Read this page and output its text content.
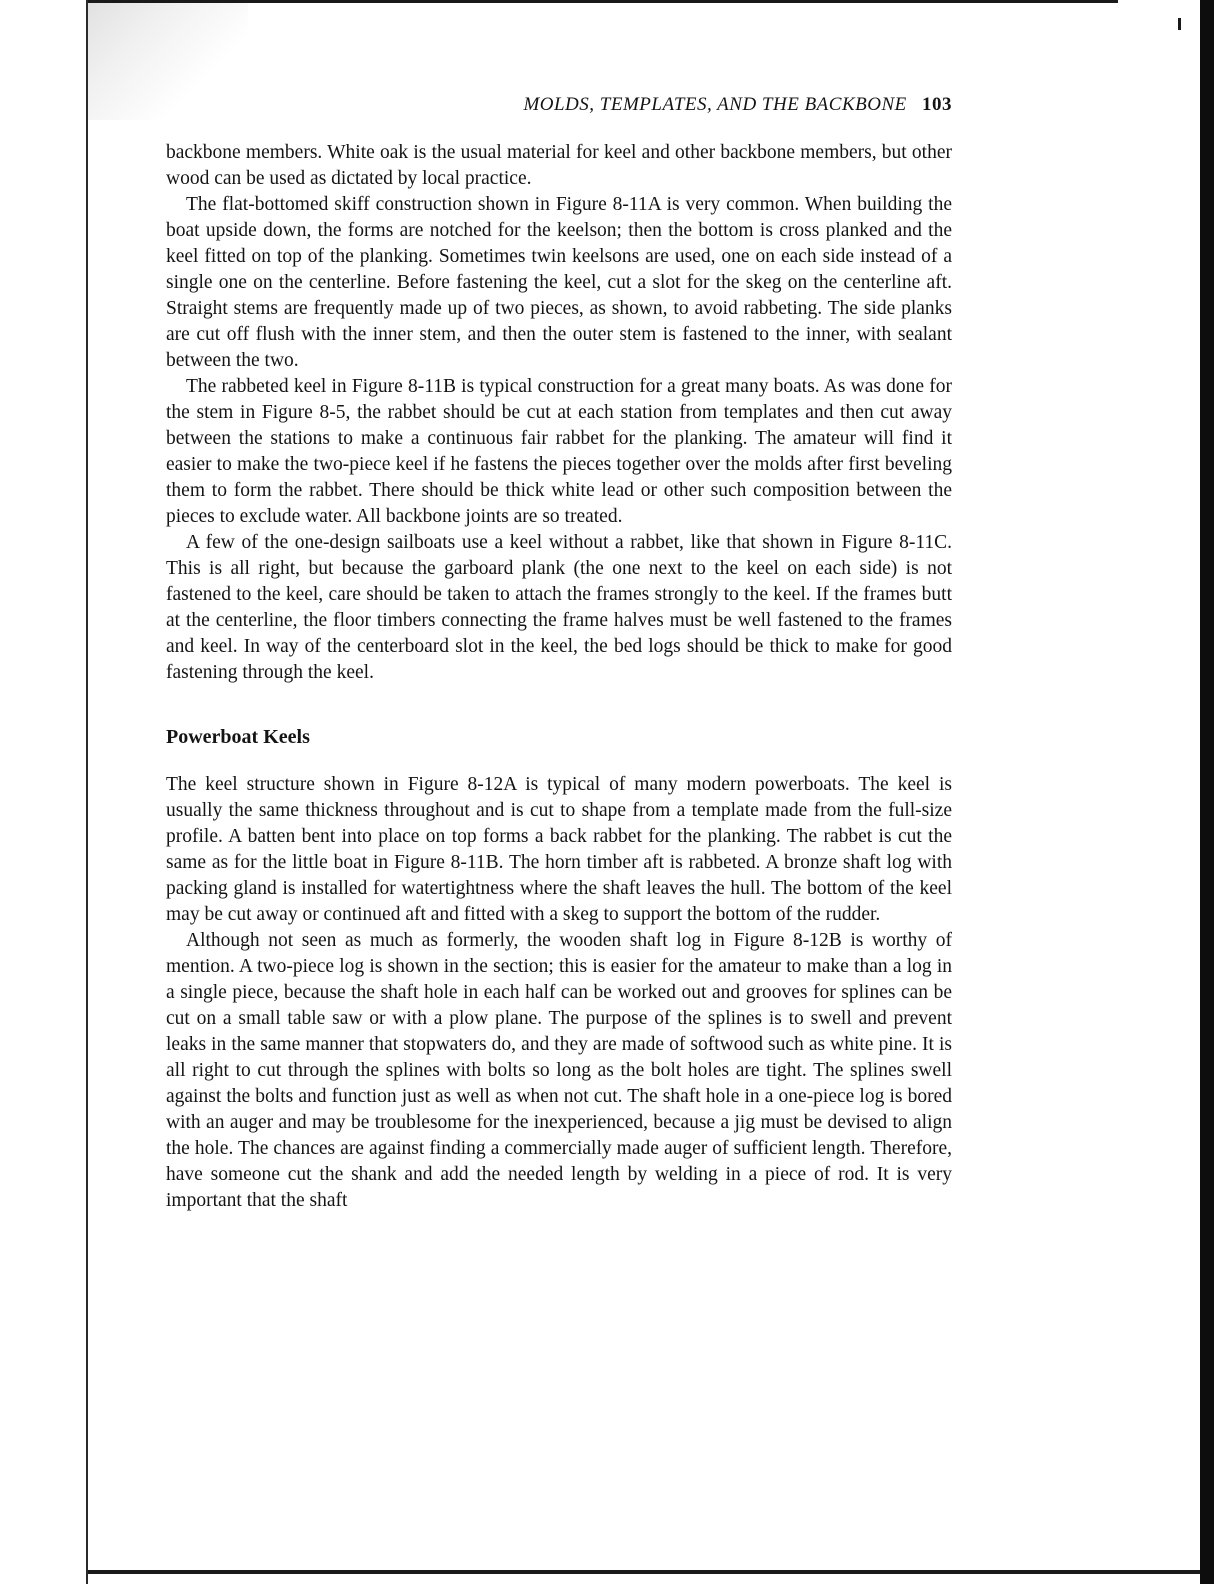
MOLDS, TEMPLATES, AND THE BACKBONE 103

backbone members. White oak is the usual material for keel and other backbone members, but other wood can be used as dictated by local practice.

The flat-bottomed skiff construction shown in Figure 8-11A is very common. When building the boat upside down, the forms are notched for the keelson; then the bottom is cross planked and the keel fitted on top of the planking. Sometimes twin keelsons are used, one on each side instead of a single one on the centerline. Before fastening the keel, cut a slot for the skeg on the centerline aft. Straight stems are frequently made up of two pieces, as shown, to avoid rabbeting. The side planks are cut off flush with the inner stem, and then the outer stem is fastened to the inner, with sealant between the two.

The rabbeted keel in Figure 8-11B is typical construction for a great many boats. As was done for the stem in Figure 8-5, the rabbet should be cut at each station from templates and then cut away between the stations to make a continuous fair rabbet for the planking. The amateur will find it easier to make the two-piece keel if he fastens the pieces together over the molds after first beveling them to form the rabbet. There should be thick white lead or other such composition between the pieces to exclude water. All backbone joints are so treated.

A few of the one-design sailboats use a keel without a rabbet, like that shown in Figure 8-11C. This is all right, but because the garboard plank (the one next to the keel on each side) is not fastened to the keel, care should be taken to attach the frames strongly to the keel. If the frames butt at the centerline, the floor timbers connecting the frame halves must be well fastened to the frames and keel. In way of the centerboard slot in the keel, the bed logs should be thick to make for good fastening through the keel.

Powerboat Keels

The keel structure shown in Figure 8-12A is typical of many modern powerboats. The keel is usually the same thickness throughout and is cut to shape from a template made from the full-size profile. A batten bent into place on top forms a back rabbet for the planking. The rabbet is cut the same as for the little boat in Figure 8-11B. The horn timber aft is rabbeted. A bronze shaft log with packing gland is installed for watertightness where the shaft leaves the hull. The bottom of the keel may be cut away or continued aft and fitted with a skeg to support the bottom of the rudder.

Although not seen as much as formerly, the wooden shaft log in Figure 8-12B is worthy of mention. A two-piece log is shown in the section; this is easier for the amateur to make than a log in a single piece, because the shaft hole in each half can be worked out and grooves for splines can be cut on a small table saw or with a plow plane. The purpose of the splines is to swell and prevent leaks in the same manner that stopwaters do, and they are made of softwood such as white pine. It is all right to cut through the splines with bolts so long as the bolt holes are tight. The splines swell against the bolts and function just as well as when not cut. The shaft hole in a one-piece log is bored with an auger and may be troublesome for the inexperienced, because a jig must be devised to align the hole. The chances are against finding a commercially made auger of sufficient length. Therefore, have someone cut the shank and add the needed length by welding in a piece of rod. It is very important that the shaft
